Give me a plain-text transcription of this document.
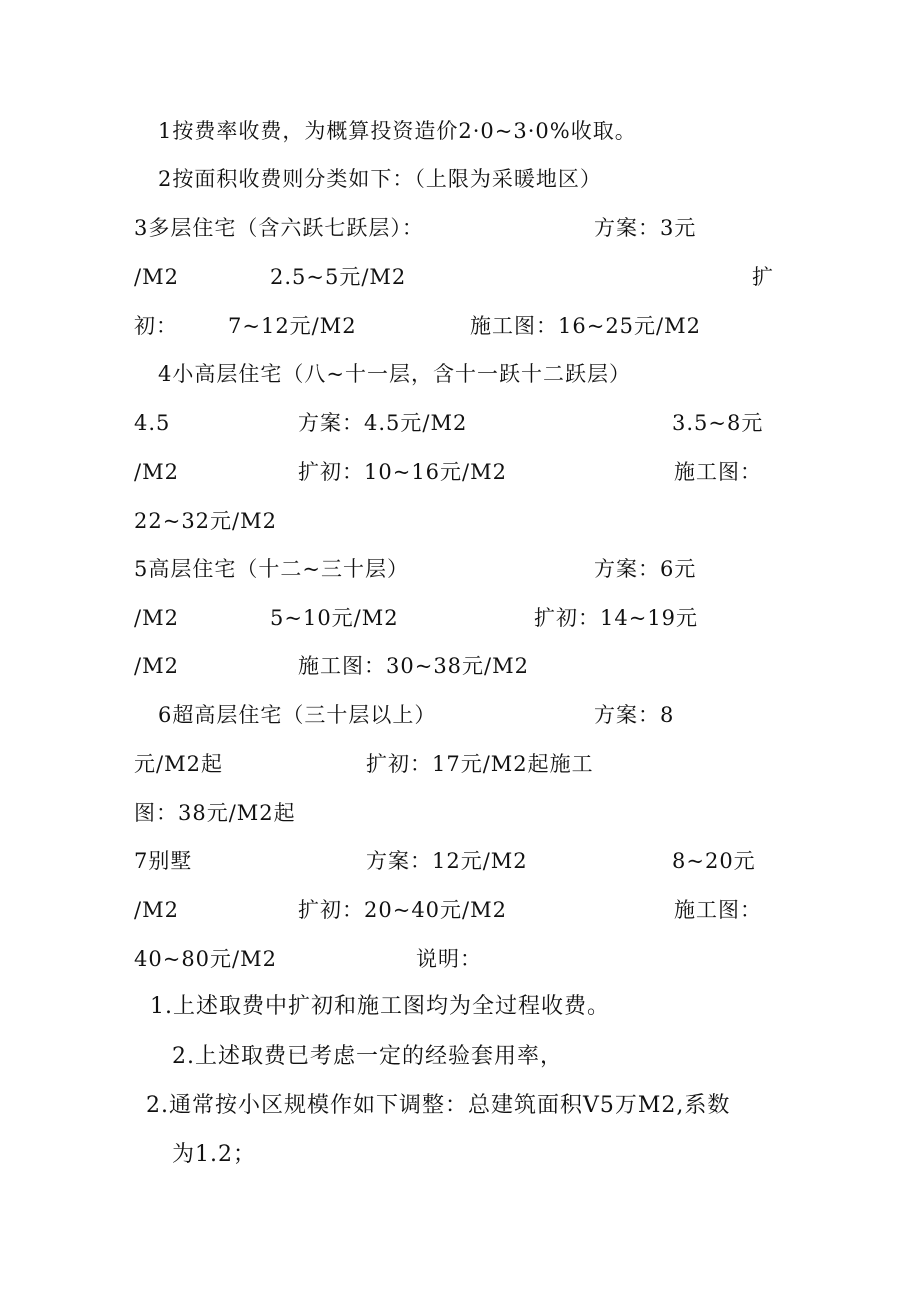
1按费率收费，为概算投资造价2·0~3·0%收取。
2按面积收费则分类如下：（上限为采暖地区）
3多层住宅（含六跃七跃层）：	方案：3元
/M2	2.5~5元/M2	扩
初： 7~12元/M2	施工图：16~25元/M2
4小高层住宅（八~十一层，含十一跃十二跃层）
4.5	方案：4.5元/M2	3.5~8元
/M2	扩初：10~16元/M2	施工图：
22~32元/M2
5高层住宅（十二~三十层）	方案：6元
/M2	5~10元/M2	扩初：14~19元
/M2	施工图：30~38元/M2
6超高层住宅（三十层以上）	方案：8
元/M2起	扩初：17元/M2起施工
图：38元/M2起
7别墅	方案：12元/M2	8~20元
/M2	扩初：20~40元/M2	施工图：
40~80元/M2	说明：
1.上述取费中扩初和施工图均为全过程收费。
2.上述取费已考虑一定的经验套用率，
2.通常按小区规模作如下调整：总建筑面积V5万M2,系数
为1.2；
